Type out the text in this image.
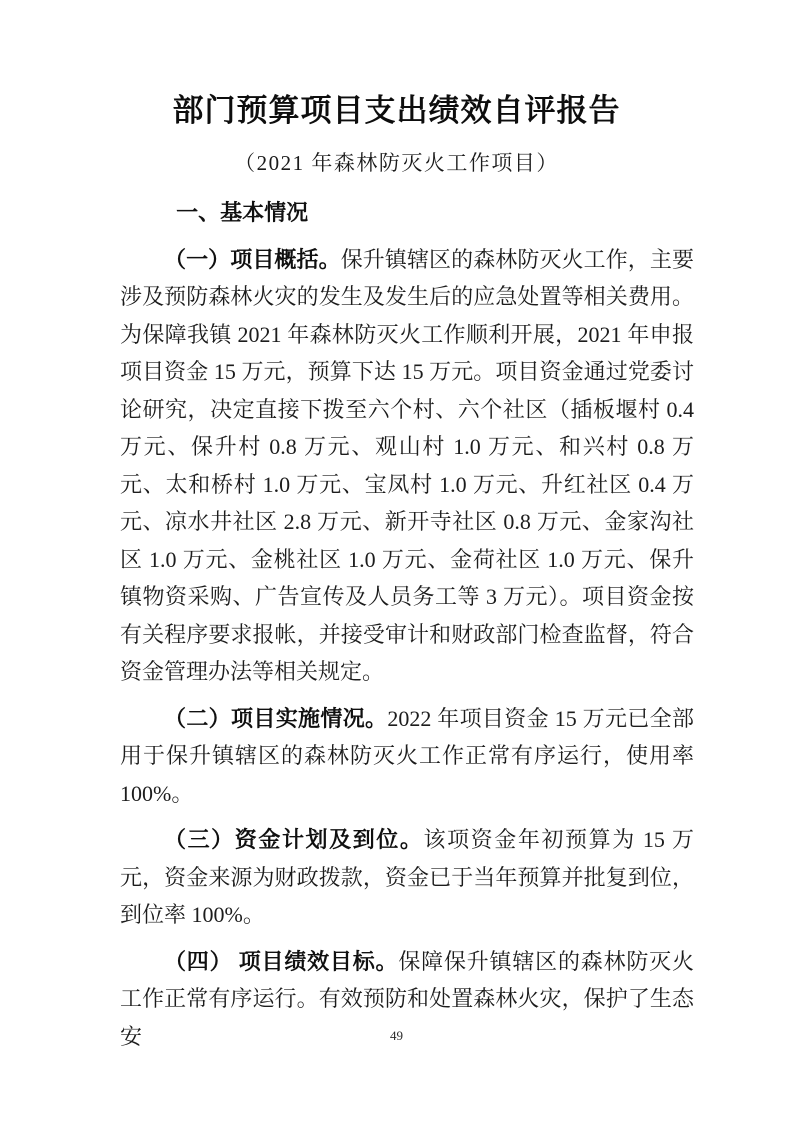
部门预算项目支出绩效自评报告
（2021 年森林防灭火工作项目）
一、基本情况

（一）项目概括。保升镇辖区的森林防灭火工作，主要涉及预防森林火灾的发生及发生后的应急处置等相关费用。为保障我镇 2021 年森林防灭火工作顺利开展，2021 年申报项目资金 15 万元，预算下达 15 万元。项目资金通过党委讨论研究，决定直接下拨至六个村、六个社区（插板堰村 0.4 万元、保升村 0.8 万元、观山村 1.0 万元、和兴村 0.8 万元、太和桥村 1.0 万元、宝凤村 1.0 万元、升红社区 0.4 万元、凉水井社区 2.8 万元、新开寺社区 0.8 万元、金家沟社区 1.0 万元、金桃社区 1.0 万元、金荷社区 1.0 万元、保升镇物资采购、广告宣传及人员务工等 3 万元）。项目资金按有关程序要求报帐，并接受审计和财政部门检查监督，符合资金管理办法等相关规定。

（二）项目实施情况。2022 年项目资金 15 万元已全部用于保升镇辖区的森林防灭火工作正常有序运行，使用率 100%。

（三）资金计划及到位。该项资金年初预算为 15 万元，资金来源为财政拨款，资金已于当年预算并批复到位，到位率 100%。

（四） 项目绩效目标。保障保升镇辖区的森林防灭火工作正常有序运行。有效预防和处置森林火灾，保护了生态安	49
